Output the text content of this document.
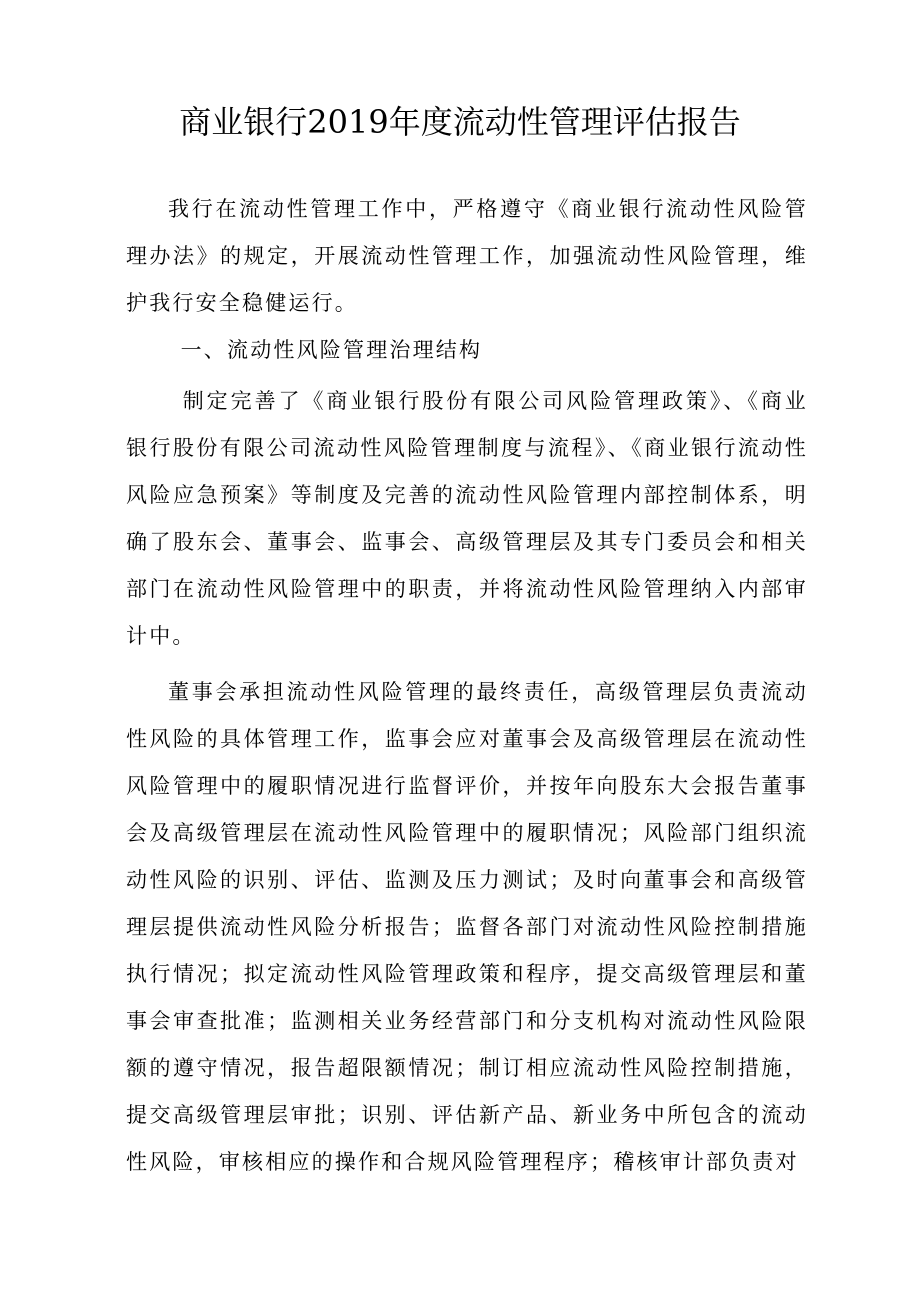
商业银行2019年度流动性管理评估报告

我行在流动性管理工作中，严格遵守《商业银行流动性风险管理办法》的规定，开展流动性管理工作，加强流动性风险管理，维护我行安全稳健运行。

一、流动性风险管理治理结构

制定完善了《商业银行股份有限公司风险管理政策》、《商业银行股份有限公司流动性风险管理制度与流程》、《商业银行流动性风险应急预案》等制度及完善的流动性风险管理内部控制体系，明确了股东会、董事会、监事会、高级管理层及其专门委员会和相关部门在流动性风险管理中的职责，并将流动性风险管理纳入内部审计中。

董事会承担流动性风险管理的最终责任，高级管理层负责流动性风险的具体管理工作，监事会应对董事会及高级管理层在流动性风险管理中的履职情况进行监督评价，并按年向股东大会报告董事会及高级管理层在流动性风险管理中的履职情况；风险部门组织流动性风险的识别、评估、监测及压力测试；及时向董事会和高级管理层提供流动性风险分析报告；监督各部门对流动性风险控制措施执行情况；拟定流动性风险管理政策和程序，提交高级管理层和董事会审查批准；监测相关业务经营部门和分支机构对流动性风险限额的遵守情况，报告超限额情况；制订相应流动性风险控制措施，提交高级管理层审批；识别、评估新产品、新业务中所包含的流动性风险，审核相应的操作和合规风险管理程序；稽核审计部负责对
